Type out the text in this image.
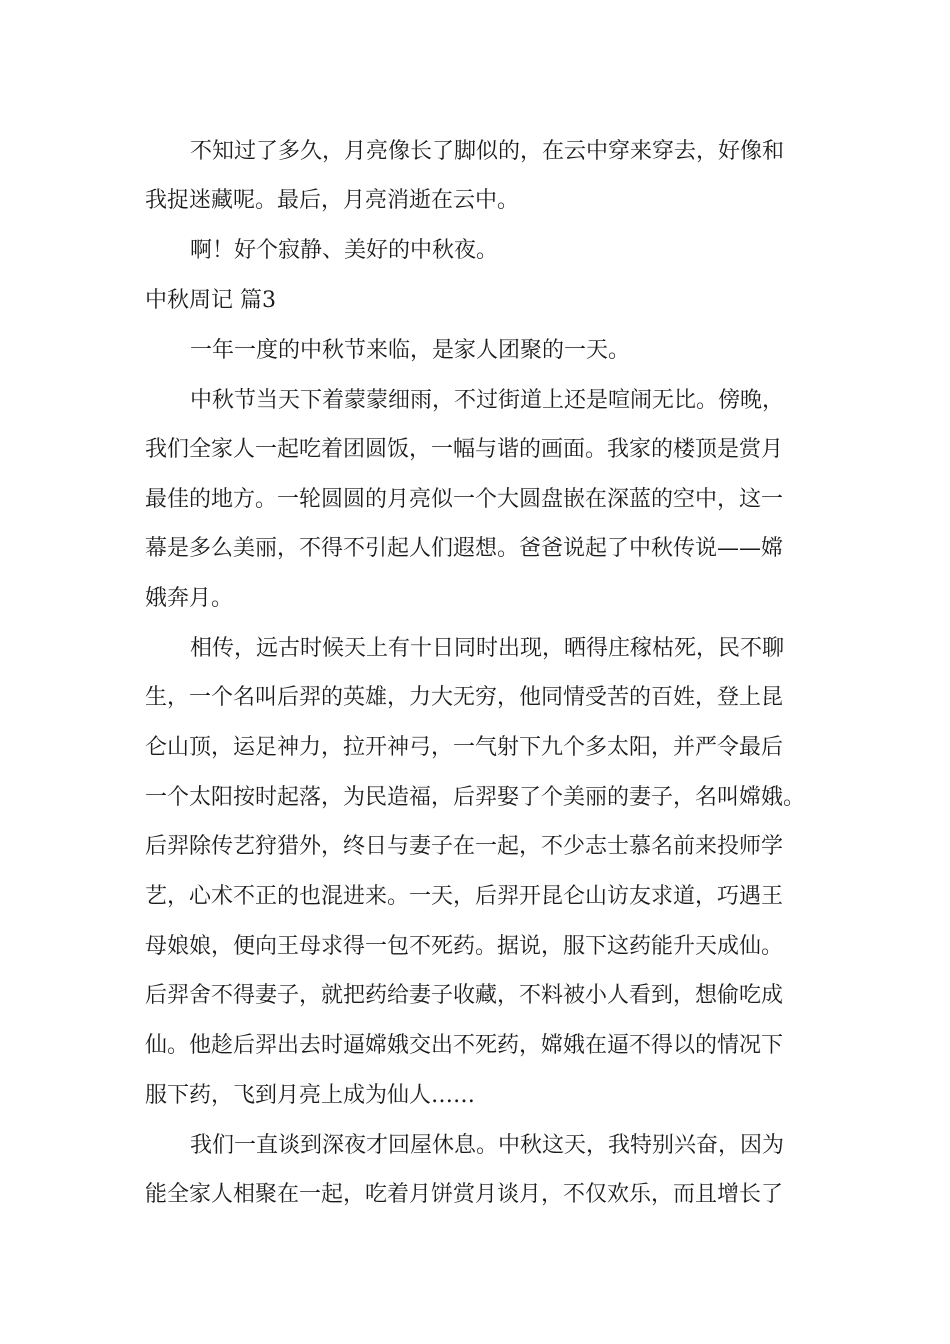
不知过了多久，月亮像长了脚似的，在云中穿来穿去，好像和
我捉迷藏呢。最后，月亮消逝在云中。
啊！好个寂静、美好的中秋夜。
中秋周记 篇3
一年一度的中秋节来临，是家人团聚的一天。
中秋节当天下着蒙蒙细雨，不过街道上还是喧闹无比。傍晚，
我们全家人一起吃着团圆饭，一幅与谐的画面。我家的楼顶是赏月
最佳的地方。一轮圆圆的月亮似一个大圆盘嵌在深蓝的空中，这一
幕是多么美丽，不得不引起人们遐想。爸爸说起了中秋传说——嫦
娥奔月。
相传，远古时候天上有十日同时出现，晒得庄稼枯死，民不聊
生，一个名叫后羿的英雄，力大无穷，他同情受苦的百姓，登上昆
仑山顶，运足神力，拉开神弓，一气射下九个多太阳，并严令最后
一个太阳按时起落，为民造福，后羿娶了个美丽的妻子，名叫嫦娥。
后羿除传艺狩猎外，终日与妻子在一起，不少志士慕名前来投师学
艺，心术不正的也混进来。一天，后羿开昆仑山访友求道，巧遇王
母娘娘，便向王母求得一包不死药。据说，服下这药能升天成仙。
后羿舍不得妻子，就把药给妻子收藏，不料被小人看到，想偷吃成
仙。他趁后羿出去时逼嫦娥交出不死药，嫦娥在逼不得以的情况下
服下药，飞到月亮上成为仙人……
我们一直谈到深夜才回屋休息。中秋这天，我特别兴奋，因为
能全家人相聚在一起，吃着月饼赏月谈月，不仅欢乐，而且增长了
